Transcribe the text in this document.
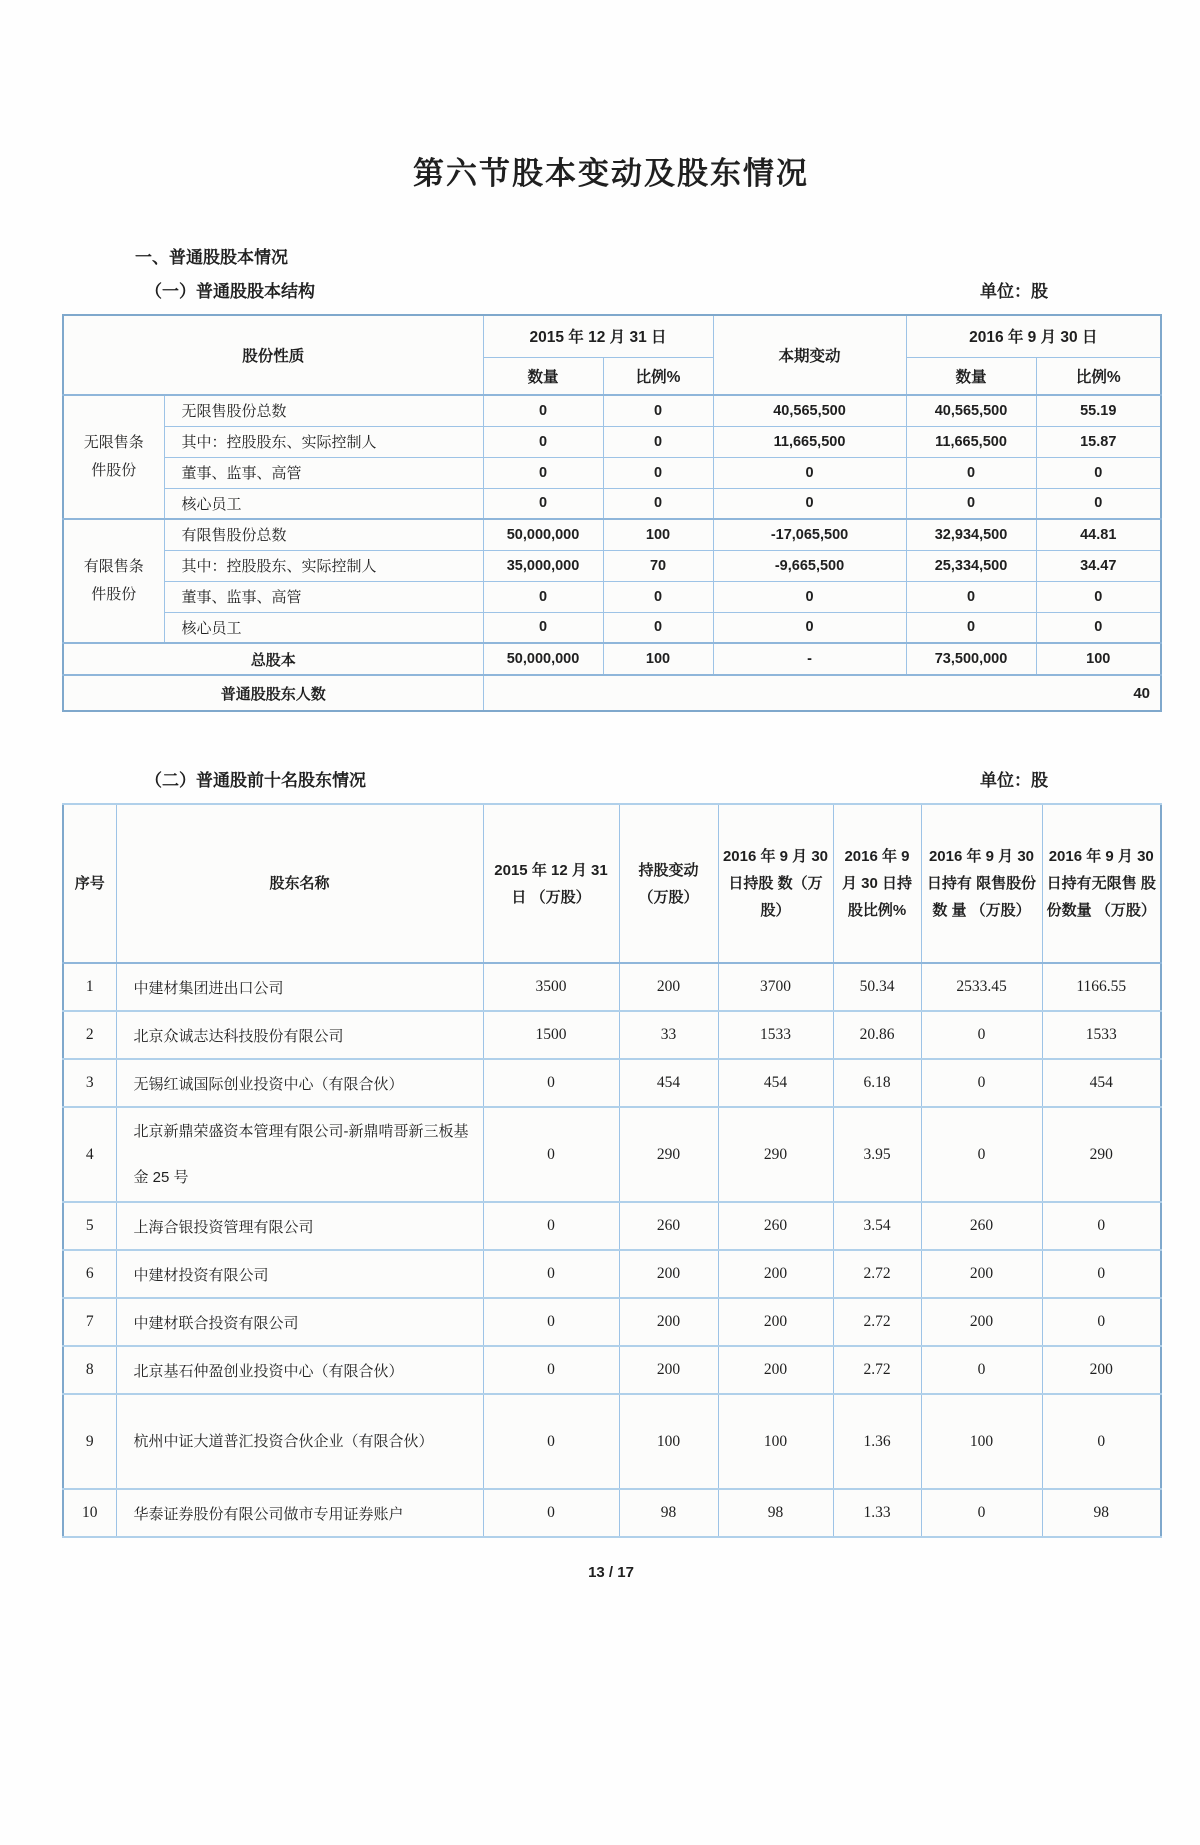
第六节股本变动及股东情况
一、普通股股本情况
（一）普通股股本结构	单位：股
股份性质		2015 年 12 月 31 日		本期变动	2016 年 9 月 30 日	
		数量	比例%		数量	比例%
无限售条件股份	无限售股份总数	0	0	40,565,500	40,565,500	55.19
	其中：控股股东、实际控制人	0	0	11,665,500	11,665,500	15.87
	董事、监事、高管	0	0	0	0	0
	核心员工	0	0	0	0	0
有限售条件股份	有限售股份总数	50,000,000	100	-17,065,500	32,934,500	44.81
	其中：控股股东、实际控制人	35,000,000	70	-9,665,500	25,334,500	34.47
	董事、监事、高管	0	0	0	0	0
	核心员工	0	0	0	0	0
总股本		50,000,000	100	-	73,500,000	100
普通股股东人数		40				
（二）普通股前十名股东情况	单位：股
序号	股东名称	2015 年 12 月 31 日 （万股）	持股变动 （万股）	2016 年 9 月 30 日持股 数（万股）	2016 年 9 月 30 日持 股比例%	2016 年 9 月 30 日持有 限售股份数 量 （万股）	2016 年 9 月 30 日持有无限售 股份数量 （万股）
1	中建材集团进出口公司	3500	200	3700	50.34	2533.45	1166.55
2	北京众诚志达科技股份有限公司	1500	33	1533	20.86	0	1533
3	无锡红诚国际创业投资中心（有限合伙）	0	454	454	6.18	0	454
4	北京新鼎荣盛资本管理有限公司-新鼎啃哥新三板基金 25 号	0	290	290	3.95	0	290
5	上海合银投资管理有限公司	0	260	260	3.54	260	0
6	中建材投资有限公司	0	200	200	2.72	200	0
7	中建材联合投资有限公司	0	200	200	2.72	200	0
8	北京基石仲盈创业投资中心（有限合伙）	0	200	200	2.72	0	200
9	杭州中证大道普汇投资合伙企业（有限合伙）	0	100	100	1.36	100	0
10	华泰证券股份有限公司做市专用证券账户	0	98	98	1.33	0	98
13 / 17
